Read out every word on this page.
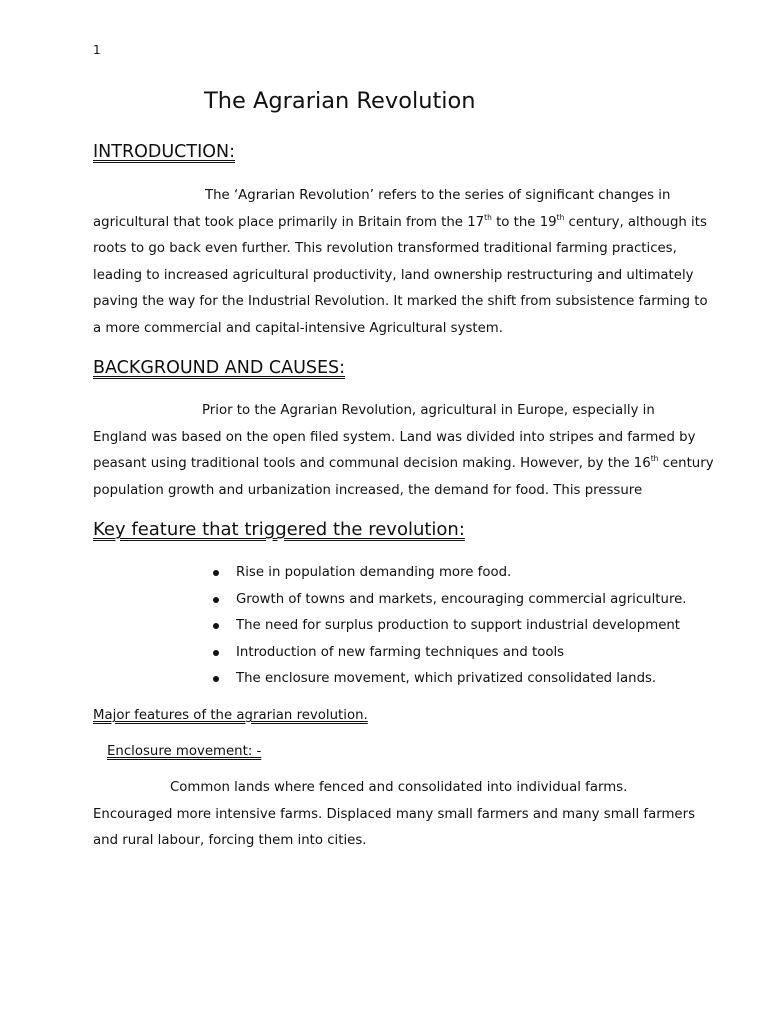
1
The Agrarian Revolution
INTRODUCTION:
The ‘Agrarian Revolution’ refers to the series of significant changes in
agricultural that took place primarily in Britain from the 17th to the 19th century, although its
roots to go back even further. This revolution transformed traditional farming practices,
leading to increased agricultural productivity, land ownership restructuring and ultimately
paving the way for the Industrial Revolution. It marked the shift from subsistence farming to
a more commercial and capital-intensive Agricultural system.
BACKGROUND AND CAUSES:
Prior to the Agrarian Revolution, agricultural in Europe, especially in
England was based on the open filed system. Land was divided into stripes and farmed by
peasant using traditional tools and communal decision making. However, by the 16th century
population growth and urbanization increased, the demand for food. This pressure
Key feature that triggered the revolution:
Rise in population demanding more food.
Growth of towns and markets, encouraging commercial agriculture.
The need for surplus production to support industrial development
Introduction of new farming techniques and tools
The enclosure movement, which privatized consolidated lands.
Major features of the agrarian revolution.
Enclosure movement: -
Common lands where fenced and consolidated into individual farms.
Encouraged more intensive farms. Displaced many small farmers and many small farmers
and rural labour, forcing them into cities.
